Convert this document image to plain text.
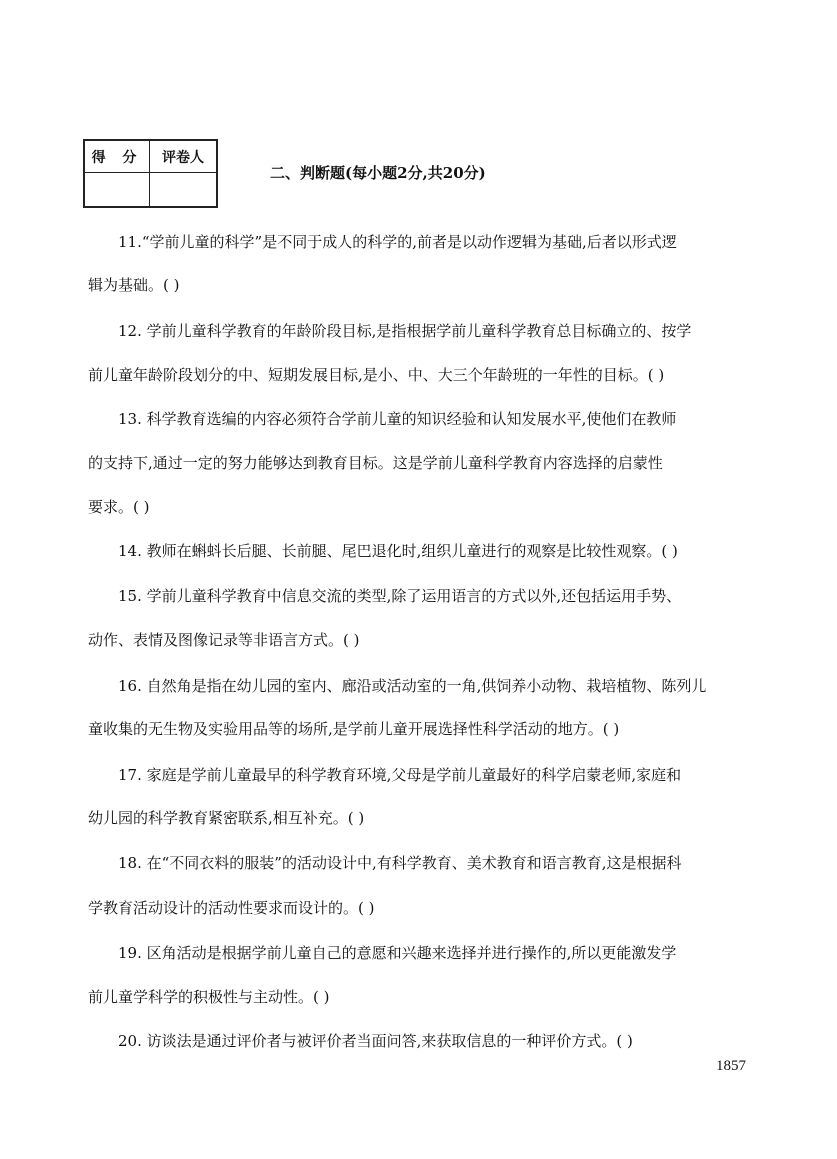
得 分	评卷人

二、判断题(每小题2分,共20分)
11.“学前儿童的科学”是不同于成人的科学的,前者是以动作逻辑为基础,后者以形式逻
辑为基础。( )
12. 学前儿童科学教育的年龄阶段目标,是指根据学前儿童科学教育总目标确立的、按学
前儿童年龄阶段划分的中、短期发展目标,是小、中、大三个年龄班的一年性的目标。( )
13. 科学教育选编的内容必须符合学前儿童的知识经验和认知发展水平,使他们在教师
的支持下,通过一定的努力能够达到教育目标。这是学前儿童科学教育内容选择的启蒙性
要求。( )
14. 教师在蝌蚪长后腿、长前腿、尾巴退化时,组织儿童进行的观察是比较性观察。( )
15. 学前儿童科学教育中信息交流的类型,除了运用语言的方式以外,还包括运用手势、
动作、表情及图像记录等非语言方式。( )
16. 自然角是指在幼儿园的室内、廊沿或活动室的一角,供饲养小动物、栽培植物、陈列儿
童收集的无生物及实验用品等的场所,是学前儿童开展选择性科学活动的地方。( )
17. 家庭是学前儿童最早的科学教育环境,父母是学前儿童最好的科学启蒙老师,家庭和
幼儿园的科学教育紧密联系,相互补充。( )
18. 在“不同衣料的服装”的活动设计中,有科学教育、美术教育和语言教育,这是根据科
学教育活动设计的活动性要求而设计的。( )
19. 区角活动是根据学前儿童自己的意愿和兴趣来选择并进行操作的,所以更能激发学
前儿童学科学的积极性与主动性。( )
20. 访谈法是通过评价者与被评价者当面问答,来获取信息的一种评价方式。( )
1857
